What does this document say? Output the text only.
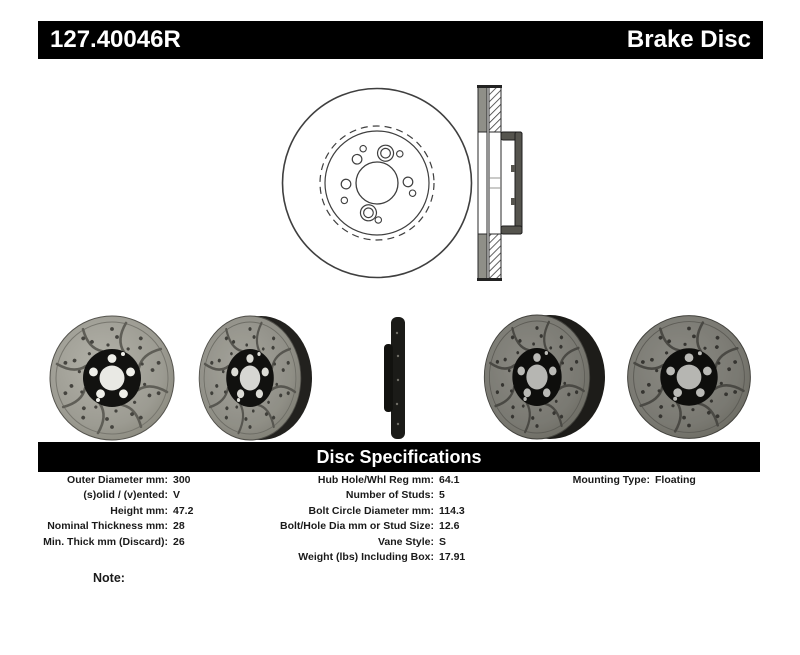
127.40046R	Brake Disc
Disc Specifications
Outer Diameter mm: 300
(s)olid / (v)ented: V
Height mm: 47.2
Nominal Thickness mm: 28
Min. Thick mm (Discard): 26
Hub Hole/Whl Reg mm: 64.1
Number of Studs: 5
Bolt Circle Diameter mm: 114.3
Bolt/Hole Dia mm or Stud Size: 12.6
Vane Style: S
Weight (lbs) Including Box: 17.91
Mounting Type: Floating
Note:
